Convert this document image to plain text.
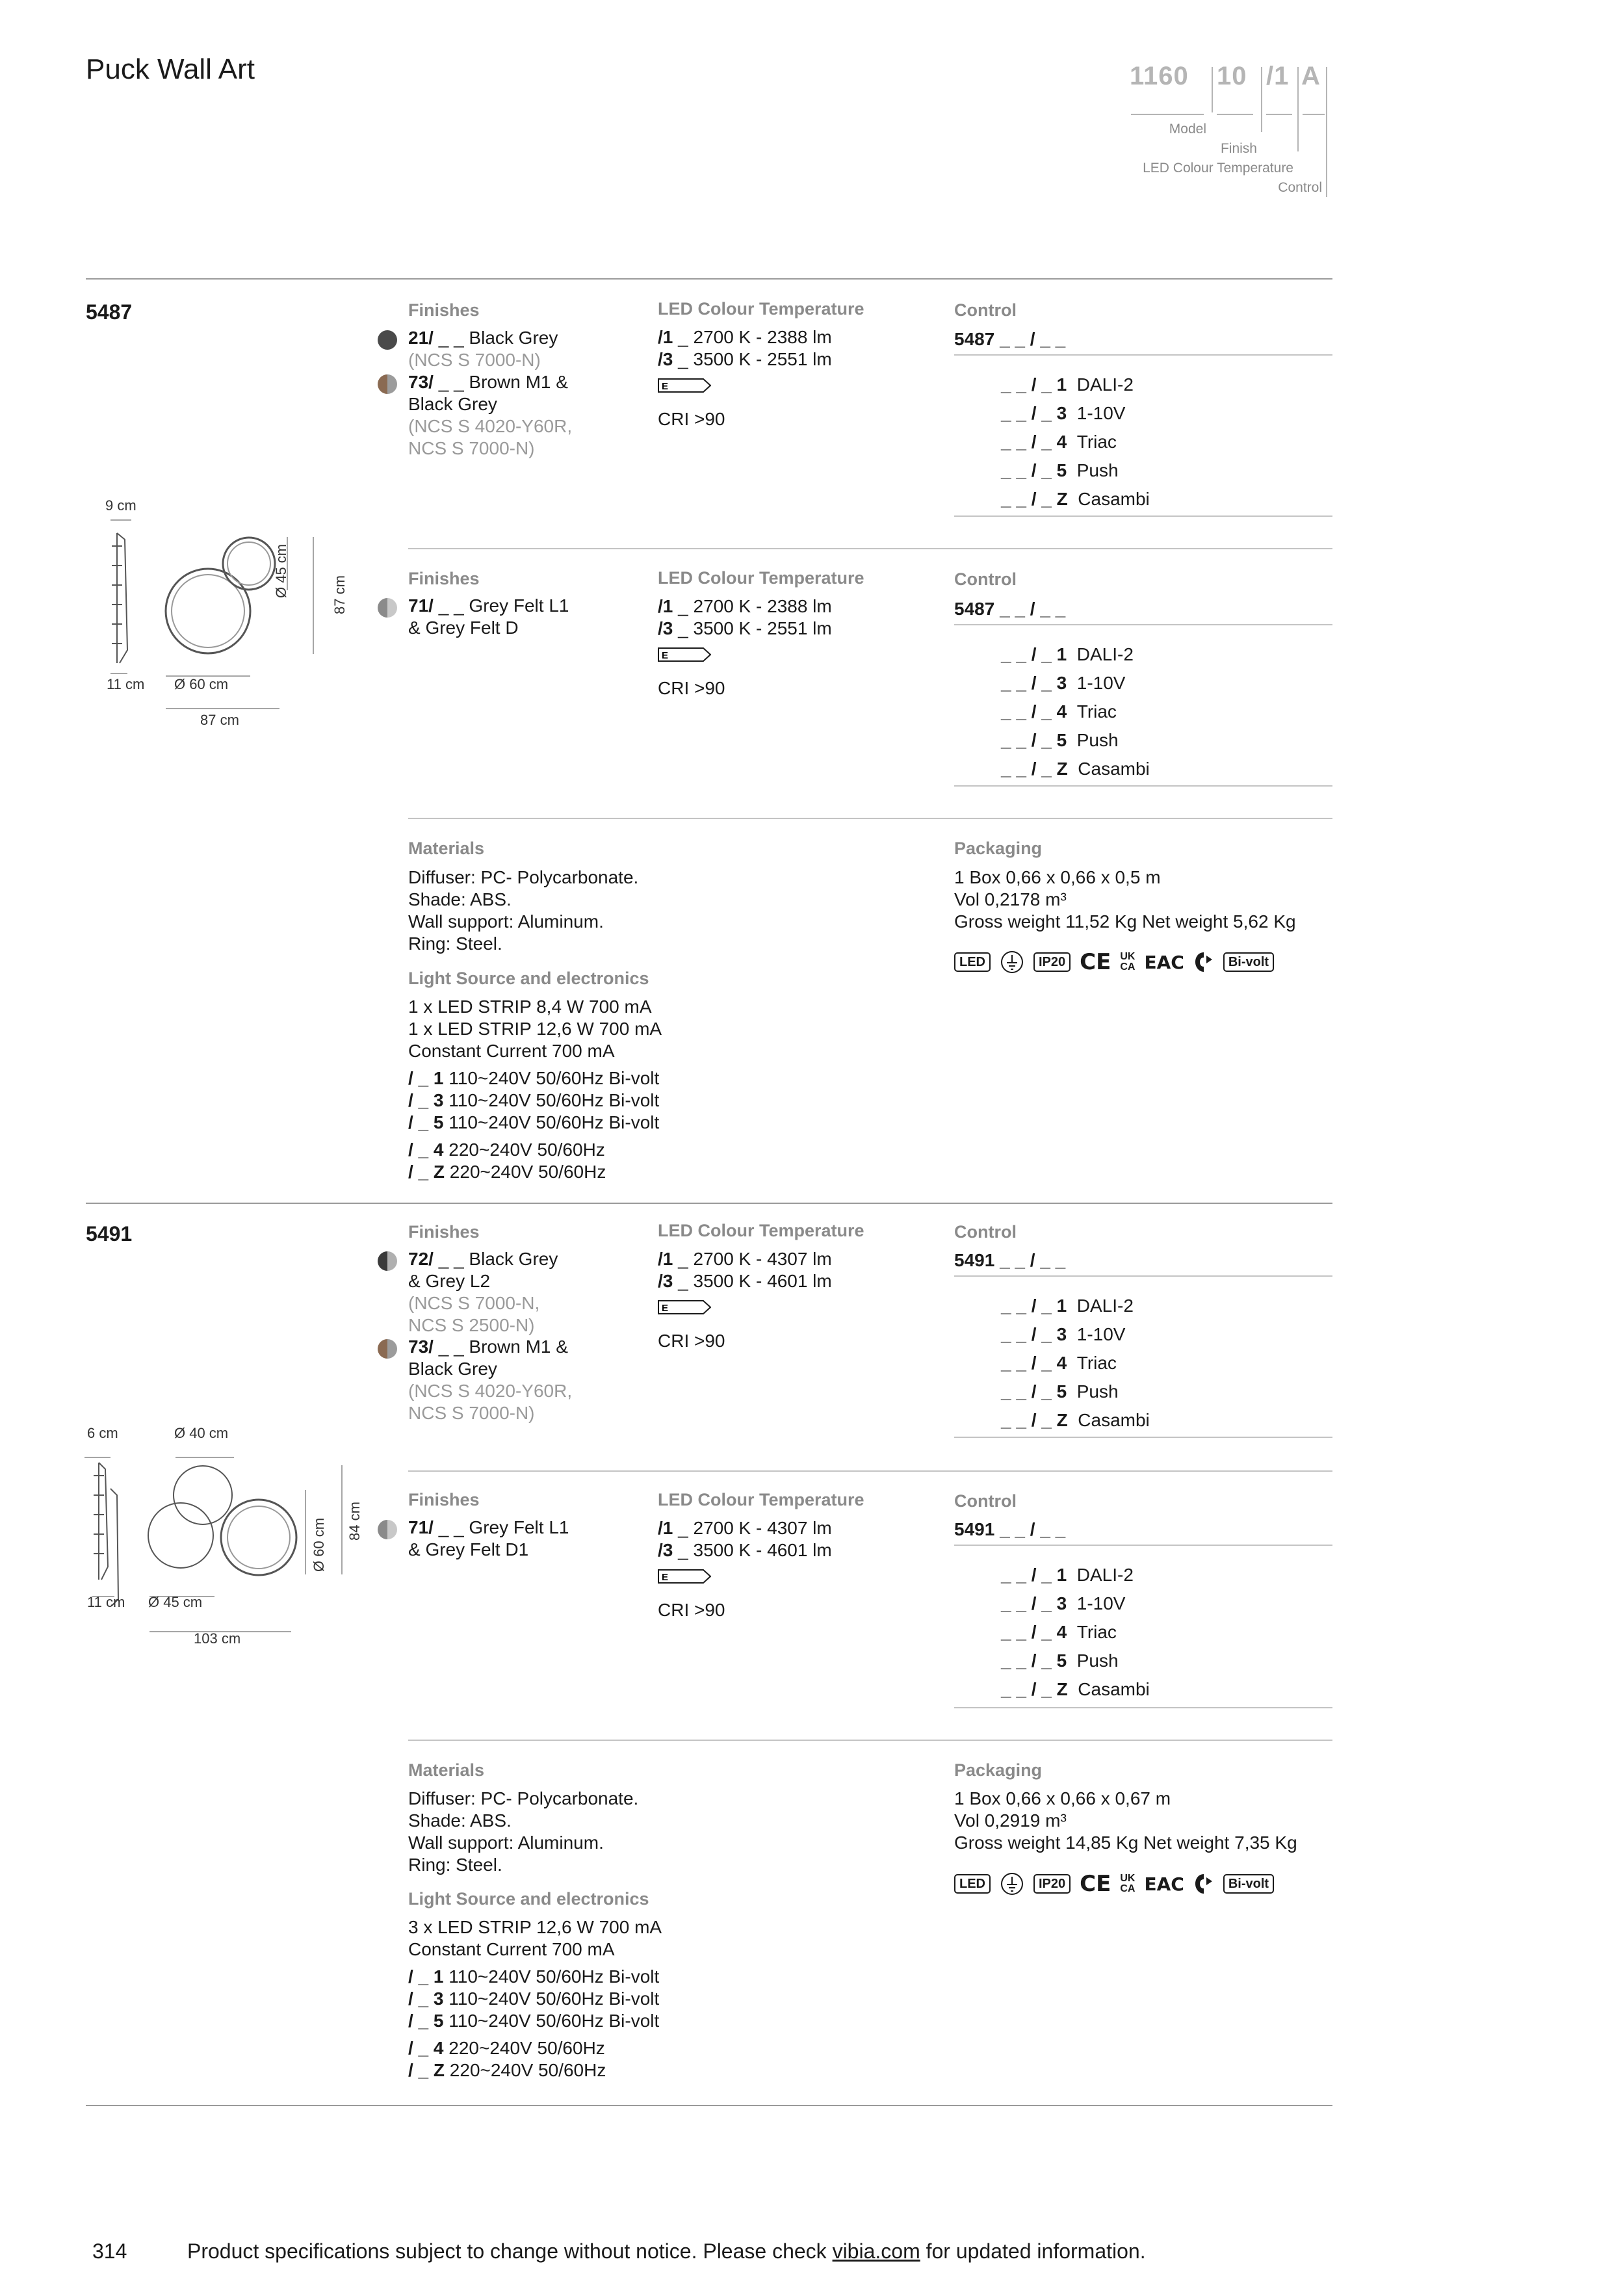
Puck Wall Art	1160 10 /1 A
Model
Finish
LED Colour Temperature
Control
5487
9 cm
11 cm Ø 60 cm
87 cm
Ø 45 cm	87 cm
Finishes
21/ _ _ Black Grey
(NCS S 7000-N)
73/ _ _ Brown M1 &
Black Grey
(NCS S 4020-Y60R,
NCS S 7000-N)
LED Colour Temperature
/1 _ 2700 K - 2388 lm
/3 _ 3500 K - 2551 lm
E
CRI >90
Control
5487 _ _ / _ _
_ _ / _ 1 DALI-2
_ _ / _ 3 1-10V
_ _ / _ 4 Triac
_ _ / _ 5 Push
_ _ / _ Z Casambi
Finishes
71/ _ _ Grey Felt L1
& Grey Felt D
LED Colour Temperature
/1 _ 2700 K - 2388 lm
/3 _ 3500 K - 2551 lm
E
CRI >90
Control
5487 _ _ / _ _
_ _ / _ 1 DALI-2
_ _ / _ 3 1-10V
_ _ / _ 4 Triac
_ _ / _ 5 Push
_ _ / _ Z Casambi
Materials
Diffuser: PC- Polycarbonate.
Shade: ABS.
Wall support: Aluminum.
Ring: Steel.
Light Source and electronics
1 x LED STRIP 8,4 W 700 mA
1 x LED STRIP 12,6 W 700 mA
Constant Current 700 mA
/ _ 1 110~240V 50/60Hz Bi-volt
/ _ 3 110~240V 50/60Hz Bi-volt
/ _ 5 110~240V 50/60Hz Bi-volt
/ _ 4 220~240V 50/60Hz
/ _ Z 220~240V 50/60Hz
Packaging
1 Box 0,66 x 0,66 x 0,5 m
Vol 0,2178 m³
Gross weight 11,52 Kg Net weight 5,62 Kg
LED	IP20 CE UK
CA EAC	Bi-volt
5491
6 cm	Ø 40 cm
11 cm Ø 45 cm
103 cm
Ø 60 cm 84 cm
Finishes
72/ _ _ Black Grey
& Grey L2
(NCS S 7000-N,
NCS S 2500-N)
73/ _ _ Brown M1 &
Black Grey
(NCS S 4020-Y60R,
NCS S 7000-N)
LED Colour Temperature
/1 _ 2700 K - 4307 lm
/3 _ 3500 K - 4601 lm
E
CRI >90
Control
5491 _ _ / _ _
_ _ / _ 1 DALI-2
_ _ / _ 3 1-10V
_ _ / _ 4 Triac
_ _ / _ 5 Push
_ _ / _ Z Casambi
Finishes
71/ _ _ Grey Felt L1
& Grey Felt D1
LED Colour Temperature
/1 _ 2700 K - 4307 lm
/3 _ 3500 K - 4601 lm
E
CRI >90
Control
5491 _ _ / _ _
_ _ / _ 1 DALI-2
_ _ / _ 3 1-10V
_ _ / _ 4 Triac
_ _ / _ 5 Push
_ _ / _ Z Casambi
Materials
Diffuser: PC- Polycarbonate.
Shade: ABS.
Wall support: Aluminum.
Ring: Steel.
Light Source and electronics
3 x LED STRIP 12,6 W 700 mA
Constant Current 700 mA
/ _ 1 110~240V 50/60Hz Bi-volt
/ _ 3 110~240V 50/60Hz Bi-volt
/ _ 5 110~240V 50/60Hz Bi-volt
/ _ 4 220~240V 50/60Hz
/ _ Z 220~240V 50/60Hz
Packaging
1 Box 0,66 x 0,66 x 0,67 m
Vol 0,2919 m³
Gross weight 14,85 Kg Net weight 7,35 Kg
LED	IP20 CE UK
CA EAC	Bi-volt
314	Product specifications subject to change without notice. Please check vibia.com for updated information.
